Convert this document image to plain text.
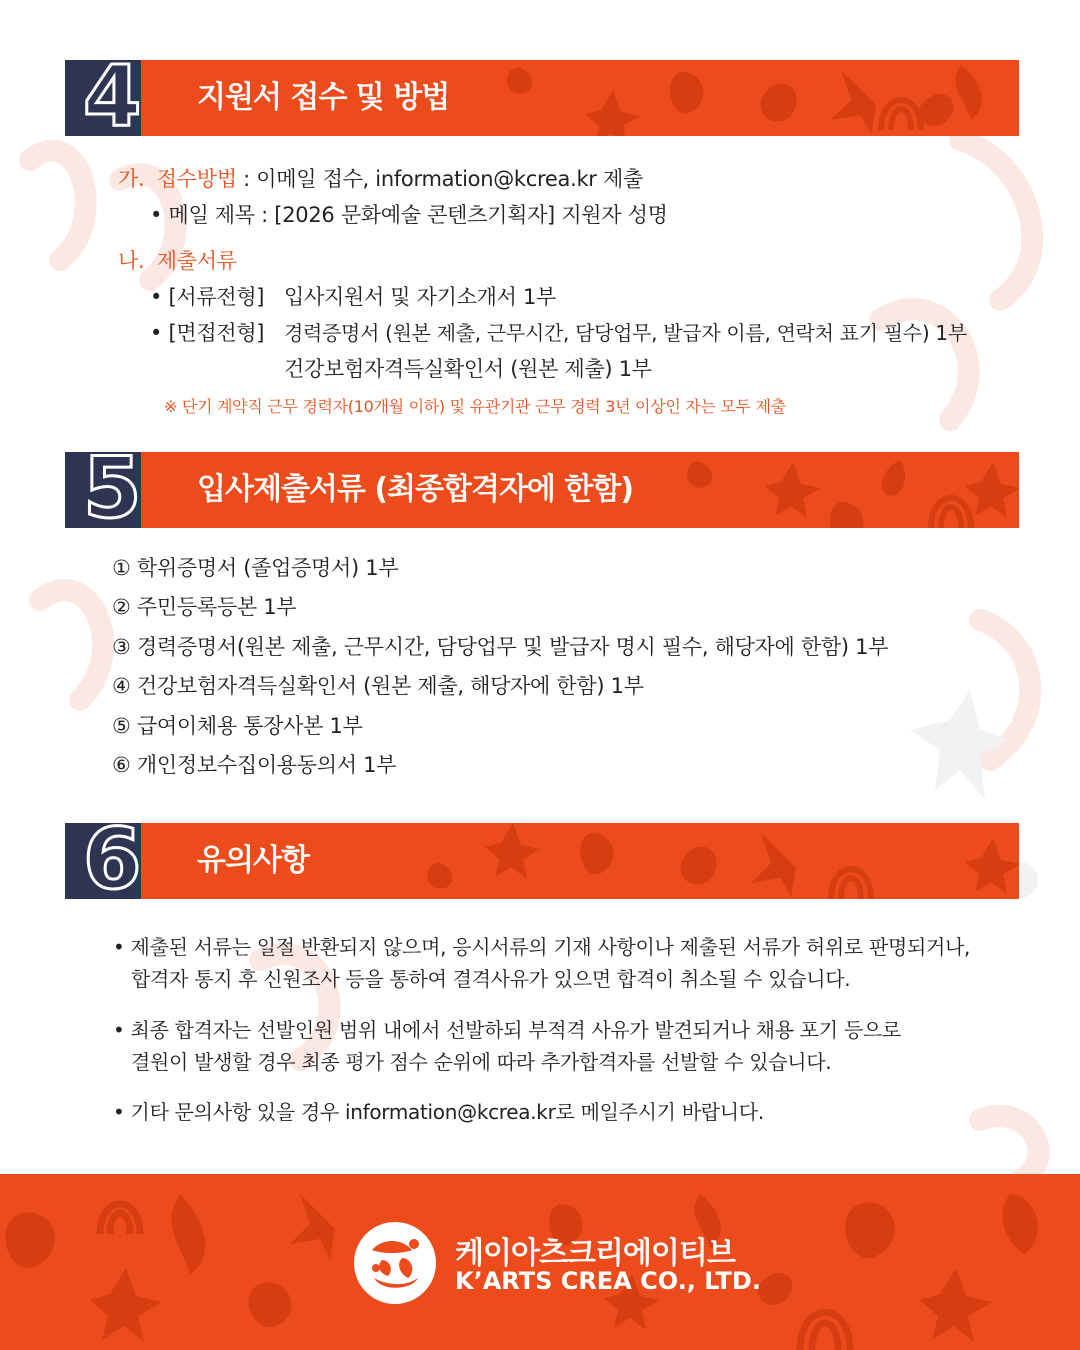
4 지원서 접수 및 방법
가. 접수방법 : 이메일 접수, information@kcrea.kr 제출
• 메일 제목 : [2026 문화예술 콘텐츠기획자] 지원자 성명
나. 제출서류
• [서류전형] 입사지원서 및 자기소개서 1부
• [면접전형] 경력증명서 (원본 제출, 근무시간, 담당업무, 발급자 이름, 연락처 표기 필수) 1부
건강보험자격득실확인서 (원본 제출) 1부
※ 단기 계약직 근무 경력자(10개월 이하) 및 유관기관 근무 경력 3년 이상인 자는 모두 제출
5 입사제출서류 (최종합격자에 한함)
① 학위증명서 (졸업증명서) 1부
② 주민등록등본 1부
③ 경력증명서(원본 제출, 근무시간, 담당업무 및 발급자 명시 필수, 해당자에 한함) 1부
④ 건강보험자격득실확인서 (원본 제출, 해당자에 한함) 1부
⑤ 급여이체용 통장사본 1부
⑥ 개인정보수집이용동의서 1부
6 유의사항
• 제출된 서류는 일절 반환되지 않으며, 응시서류의 기재 사항이나 제출된 서류가 허위로 판명되거나,
합격자 통지 후 신원조사 등을 통하여 결격사유가 있으면 합격이 취소될 수 있습니다.
• 최종 합격자는 선발인원 범위 내에서 선발하되 부적격 사유가 발견되거나 채용 포기 등으로
결원이 발생할 경우 최종 평가 점수 순위에 따라 추가합격자를 선발할 수 있습니다.
• 기타 문의사항 있을 경우 information@kcrea.kr로 메일주시기 바랍니다.
케이아츠크리에이티브
K’ARTS CREA CO., LTD.
